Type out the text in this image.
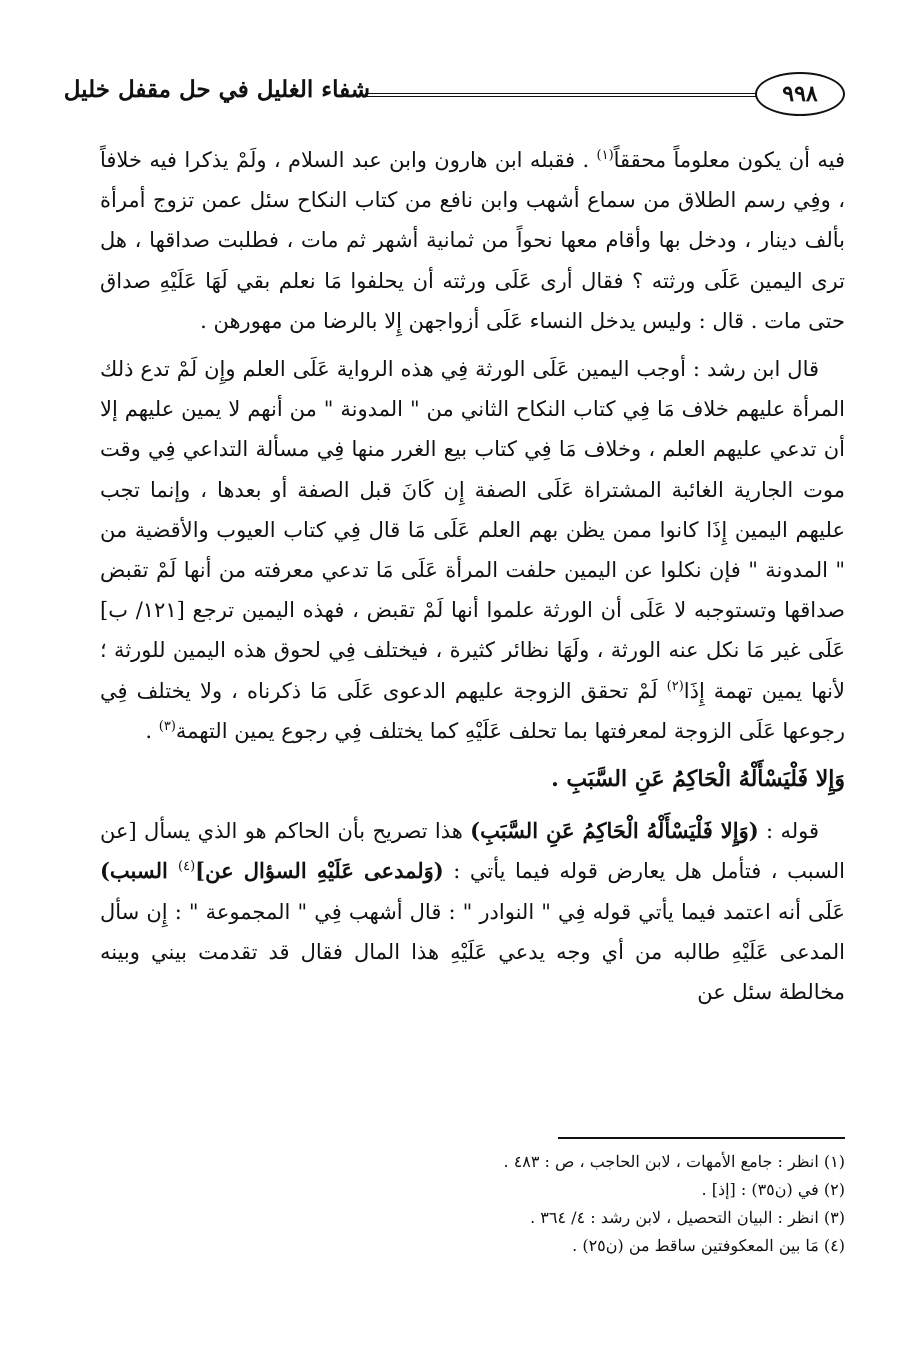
٩٩٨
شفاء الغليل في حل مقفل خليل

فيه أن يكون معلوماً محققاً$^{(١)}$ . فقبله ابن هارون وابن عبد السلام ، ولَمْ يذكرا فيه خلافاً ، وفِي رسم الطلاق من سماع أشهب وابن نافع من كتاب النكاح سئل عمن تزوج أمرأة بألف دينار ، ودخل بها وأقام معها نحواً من ثمانية أشهر ثم مات ، فطلبت صداقها ، هل ترى اليمين عَلَى ورثته ؟ فقال أرى عَلَى ورثته أن يحلفوا مَا نعلم بقي لَهَا عَلَيْهِ صداق حتى مات . قال : وليس يدخل النساء عَلَى أزواجهن إِلا بالرضا من مهورهن .

قال ابن رشد : أوجب اليمين عَلَى الورثة فِي هذه الرواية عَلَى العلم وإِن لَمْ تدع ذلك المرأة عليهم خلاف مَا فِي كتاب النكاح الثاني من " المدونة " من أنهم لا يمين عليهم إلا أن تدعي عليهم العلم ، وخلاف مَا فِي كتاب بيع الغرر منها فِي مسألة التداعي فِي وقت موت الجارية الغائبة المشتراة عَلَى الصفة إِن كَانَ قبل الصفة أو بعدها ، وإنما تجب عليهم اليمين إِذَا كانوا ممن يظن بهم العلم عَلَى مَا قال فِي كتاب العيوب والأقضية من " المدونة " فإن نكلوا عن اليمين حلفت المرأة عَلَى مَا تدعي معرفته من أنها لَمْ تقبض صداقها وتستوجبه لا عَلَى أن الورثة علموا أنها لَمْ تقبض ، فهذه اليمين ترجع [١٢١/ ب] عَلَى غير مَا نكل عنه الورثة ، ولَهَا نظائر كثيرة ، فيختلف فِي لحوق هذه اليمين للورثة ؛ لأنها يمين تهمة إِذَا$^{(٢)}$ لَمْ تحقق الزوجة عليهم الدعوى عَلَى مَا ذكرناه ، ولا يختلف فِي رجوعها عَلَى الزوجة لمعرفتها بما تحلف عَلَيْهِ كما يختلف فِي رجوع يمين التهمة$^{(٣)}$ .

وَإِلا فَلْيَسْأَلْهُ الْحَاكِمُ عَنِ السَّبَبِ .

قوله : (وَإِلا فَلْيَسْأَلْهُ الْحَاكِمُ عَنِ السَّبَبِ) هذا تصريح بأن الحاكم هو الذي يسأل [عن السبب ، فتأمل هل يعارض قوله فيما يأتي : (وَلمدعى عَلَيْهِ السؤال عن]$^{(٤)}$ السبب) عَلَى أنه اعتمد فيما يأتي قوله فِي " النوادر " : قال أشهب فِي " المجموعة " : إِن سأل المدعى عَلَيْهِ طالبه من أي وجه يدعي عَلَيْهِ هذا المال فقال قد تقدمت بيني وبينه مخالطة سئل عن

(١) انظر : جامع الأمهات ، لابن الحاجب ، ص : ٤٨٣ .

(٢) في (ن٣٥) : [إذ] .

(٣) انظر : البيان التحصيل ، لابن رشد : ٤/ ٣٦٤ .

(٤) مَا بين المعكوفتين ساقط من (ن٢٥) .
